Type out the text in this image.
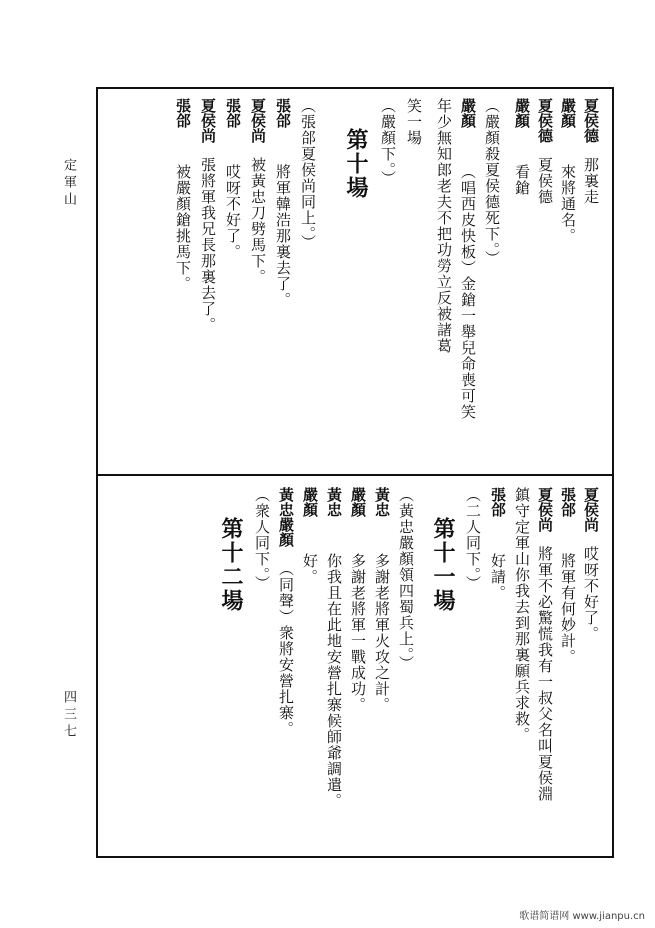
定軍山
四三七
夏侯德那裏走
嚴顏來將通名。
夏侯德夏侯德
嚴顏看鎗
（嚴顏殺夏侯德死下。）
嚴顏（唱西皮快板）金鎗一舉兒命喪可笑
年少無知郎老夫不把功勞立反被諸葛
笑一場
（嚴顏下。）
第十場
（張郃夏侯尚同上。）
張郃將軍韓浩那裏去了。
夏侯尚被黃忠刀劈馬下。
張郃哎呀不好了。
夏侯尚張將軍我兄長那裏去了。
張郃被嚴顏鎗挑馬下。
夏侯尚哎呀不好了。
張郃將軍有何妙計。
夏侯尚將軍不必驚慌我有一叔父名叫夏侯淵
鎮守定軍山你我去到那裏願兵求救。
張郃好請。
（二人同下。）
第十一場
（黃忠嚴顏領四蜀兵上。）
黃忠多謝老將軍火攻之計。
嚴顏多謝老將軍一戰成功。
黃忠你我且在此地安營扎寨候師爺調遣。
嚴顏好。
黃忠嚴顏（同聲）衆將安營扎寨。
（衆人同下。）
第十二場
歌谱简谱网 www.jianpu.cn
